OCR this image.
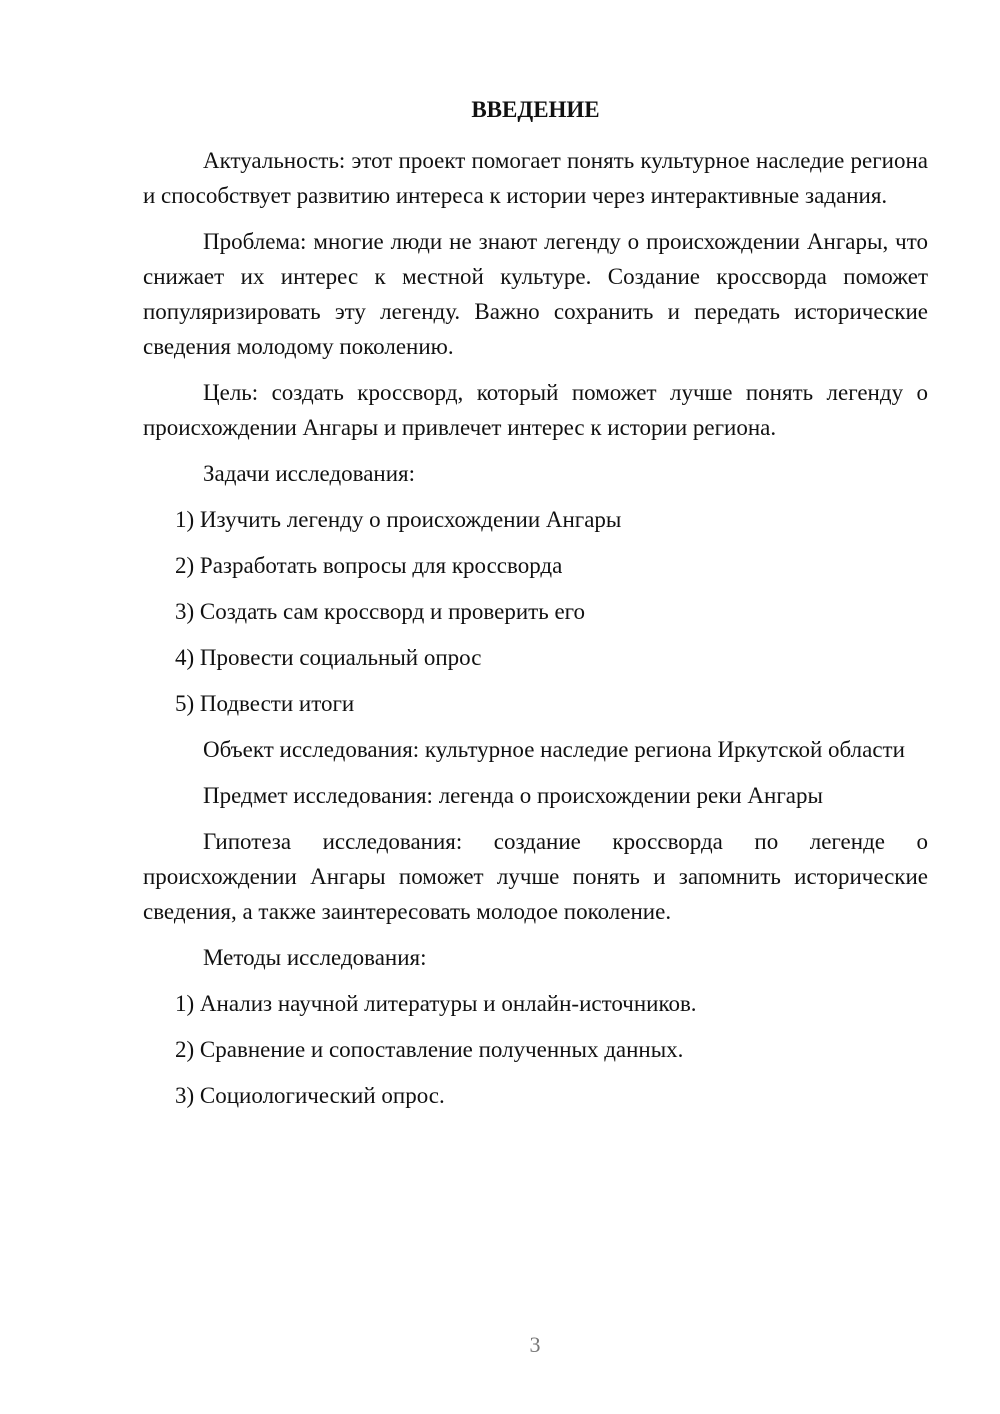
ВВЕДЕНИЕ

Актуальность: этот проект помогает понять культурное наследие региона и способствует развитию интереса к истории через интерактивные задания.

Проблема: многие люди не знают легенду о происхождении Ангары, что снижает их интерес к местной культуре. Создание кроссворда поможет популяризировать эту легенду. Важно сохранить и передать исторические сведения молодому поколению.

Цель: создать кроссворд, который поможет лучше понять легенду о происхождении Ангары и привлечет интерес к истории региона.

Задачи исследования:

1) Изучить легенду о происхождении Ангары

2) Разработать вопросы для кроссворда

3) Создать сам кроссворд и проверить его

4) Провести социальный опрос

5) Подвести итоги

Объект исследования: культурное наследие региона Иркутской области

Предмет исследования: легенда о происхождении реки Ангары

Гипотеза исследования: создание кроссворда по легенде о происхождении Ангары поможет лучше понять и запомнить исторические сведения, а также заинтересовать молодое поколение.

Методы исследования:

1) Анализ научной литературы и онлайн-источников.

2) Сравнение и сопоставление полученных данных.

3) Социологический опрос.

3
